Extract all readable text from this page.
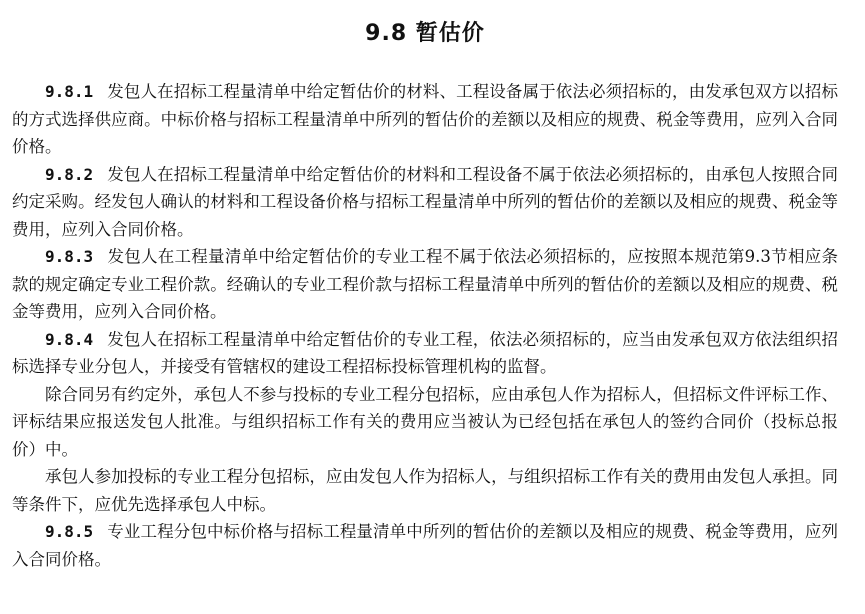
9.8 暂估价

9.8.1 发包人在招标工程量清单中给定暂估价的材料、工程设备属于依法必须招标的，由发承包双方以招标的方式选择供应商。中标价格与招标工程量清单中所列的暂估价的差额以及相应的规费、税金等费用，应列入合同价格。

9.8.2 发包人在招标工程量清单中给定暂估价的材料和工程设备不属于依法必须招标的，由承包人按照合同约定采购。经发包人确认的材料和工程设备价格与招标工程量清单中所列的暂估价的差额以及相应的规费、税金等费用，应列入合同价格。

9.8.3 发包人在工程量清单中给定暂估价的专业工程不属于依法必须招标的，应按照本规范第9.3节相应条款的规定确定专业工程价款。经确认的专业工程价款与招标工程量清单中所列的暂估价的差额以及相应的规费、税金等费用，应列入合同价格。

9.8.4 发包人在招标工程量清单中给定暂估价的专业工程，依法必须招标的，应当由发承包双方依法组织招标选择专业分包人，并接受有管辖权的建设工程招标投标管理机构的监督。

除合同另有约定外，承包人不参与投标的专业工程分包招标，应由承包人作为招标人，但招标文件评标工作、评标结果应报送发包人批准。与组织招标工作有关的费用应当被认为已经包括在承包人的签约合同价（投标总报价）中。

承包人参加投标的专业工程分包招标，应由发包人作为招标人，与组织招标工作有关的费用由发包人承担。同等条件下，应优先选择承包人中标。

9.8.5 专业工程分包中标价格与招标工程量清单中所列的暂估价的差额以及相应的规费、税金等费用，应列入合同价格。
